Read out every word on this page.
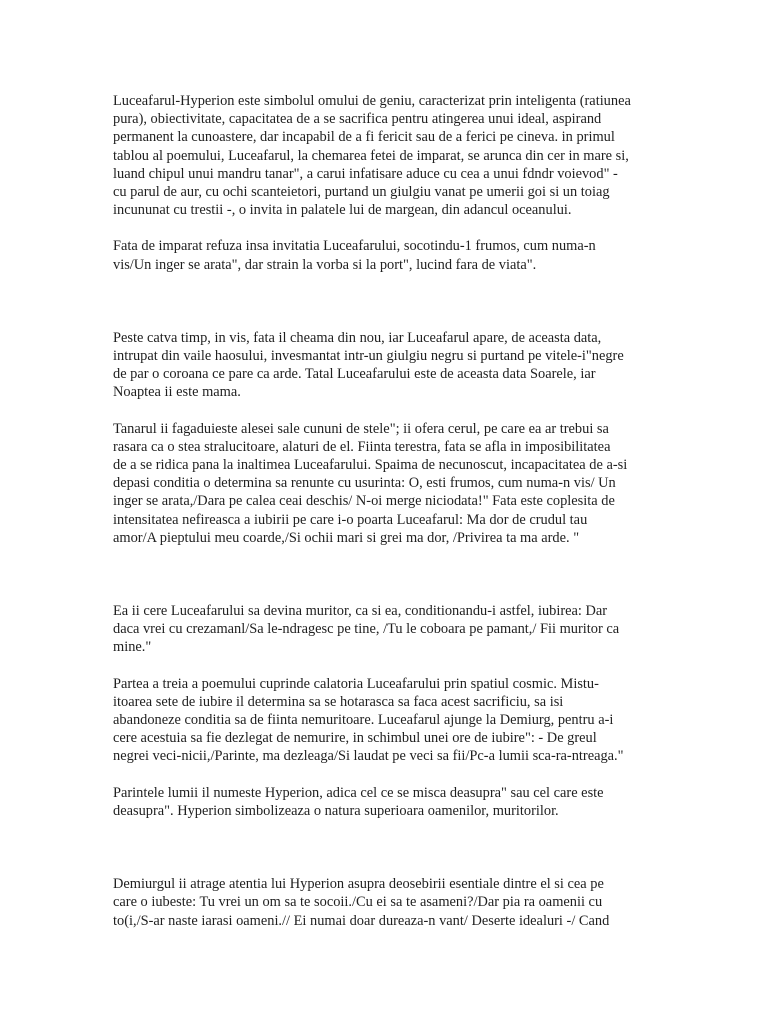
Luceafarul-Hyperion este simbolul omului de geniu, caracterizat prin inteligenta (ratiunea
pura), obiectivitate, capacitatea de a se sacrifica pentru atingerea unui ideal, aspirand
permanent la cunoastere, dar incapabil de a fi fericit sau de a ferici pe cineva. in primul
tablou al poemului, Luceafarul, la chemarea fetei de imparat, se arunca din cer in mare si,
luand chipul unui mandru tanar", a carui infatisare aduce cu cea a unui fdndr voievod" -
cu parul de aur, cu ochi scanteietori, purtand un giulgiu vanat pe umerii goi si un toiag
incununat cu trestii -, o invita in palatele lui de margean, din adancul oceanului.

Fata de imparat refuza insa invitatia Luceafarului, socotindu-1 frumos, cum numa-n
vis/Un inger se arata", dar strain la vorba si la port", lucind fara de viata".

Peste catva timp, in vis, fata il cheama din nou, iar Luceafarul apare, de aceasta data,
intrupat din vaile haosului, invesmantat intr-un giulgiu negru si purtand pe vitele-i"negre
de par o coroana ce pare ca arde. Tatal Luceafarului este de aceasta data Soarele, iar
Noaptea ii este mama.

Tanarul ii fagaduieste alesei sale cununi de stele"; ii ofera cerul, pe care ea ar trebui sa
rasara ca o stea stralucitoare, alaturi de el. Fiinta terestra, fata se afla in imposibilitatea
de a se ridica pana la inaltimea Luceafarului. Spaima de necunoscut, incapacitatea de a-si
depasi conditia o determina sa renunte cu usurinta: O, esti frumos, cum numa-n vis/ Un
inger se arata,/Dara pe calea ceai deschis/ N-oi merge niciodata!" Fata este coplesita de
intensitatea nefireasca a iubirii pe care i-o poarta Luceafarul: Ma dor de crudul tau
amor/A pieptului meu coarde,/Si ochii mari si grei ma dor, /Privirea ta ma arde. "

Ea ii cere Luceafarului sa devina muritor, ca si ea, conditionandu-i astfel, iubirea: Dar
daca vrei cu crezamanl/Sa le-ndragesc pe tine, /Tu le coboara pe pamant,/ Fii muritor ca
mine."

Partea a treia a poemului cuprinde calatoria Luceafarului prin spatiul cosmic. Mistu-
itoarea sete de iubire il determina sa se hotarasca sa faca acest sacrificiu, sa isi
abandoneze conditia sa de fiinta nemuritoare. Luceafarul ajunge la Demiurg, pentru a-i
cere acestuia sa fie dezlegat de nemurire, in schimbul unei ore de iubire": - De greul
negrei veci-nicii,/Parinte, ma dezleaga/Si laudat pe veci sa fii/Pc-a lumii sca-ra-ntreaga."

Parintele lumii il numeste Hyperion, adica cel ce se misca deasupra" sau cel care este
deasupra". Hyperion simbolizeaza o natura superioara oamenilor, muritorilor.

Demiurgul ii atrage atentia lui Hyperion asupra deosebirii esentiale dintre el si cea pe
care o iubeste: Tu vrei un om sa te socoii./Cu ei sa te asameni?/Dar pia ra oamenii cu
to(i,/S-ar naste iarasi oameni.// Ei numai doar dureaza-n vant/ Deserte idealuri -/ Cand
